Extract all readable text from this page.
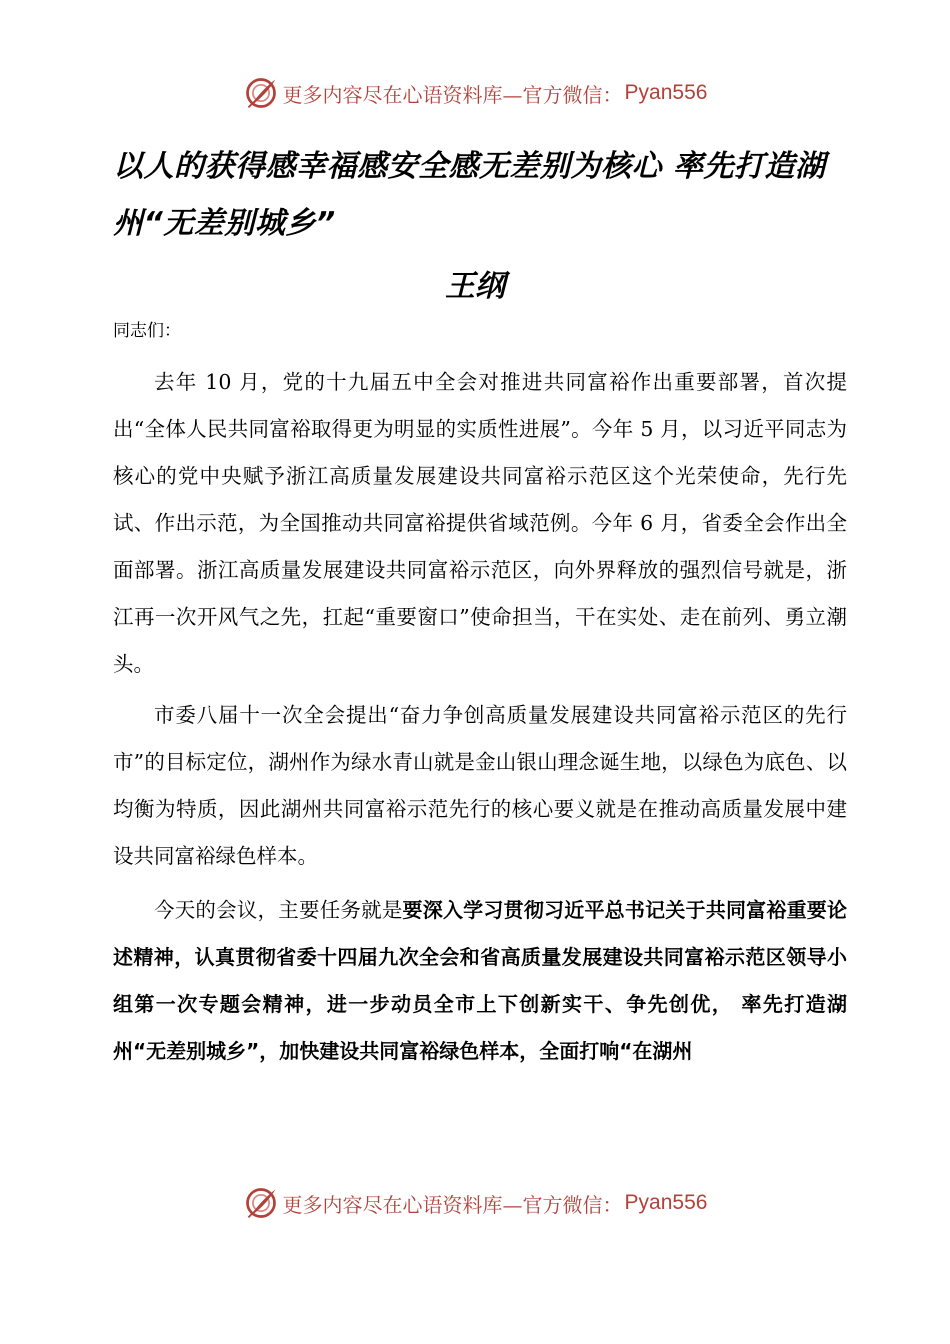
更多内容尽在心语资料库—官方微信： Pyan556
以人的获得感幸福感安全感无差别为核心 率先打造湖州“无差别城乡”

王纲

同志们：

去年 10 月，党的十九届五中全会对推进共同富裕作出重要部署，首次提出“全体人民共同富裕取得更为明显的实质性进展”。今年 5 月，以习近平同志为核心的党中央赋予浙江高质量发展建设共同富裕示范区这个光荣使命，先行先试、作出示范，为全国推动共同富裕提供省域范例。今年 6 月，省委全会作出全面部署。浙江高质量发展建设共同富裕示范区，向外界释放的强烈信号就是，浙江再一次开风气之先，扛起“重要窗口”使命担当，干在实处、走在前列、勇立潮头。

市委八届十一次全会提出“奋力争创高质量发展建设共同富裕示范区的先行市”的目标定位，湖州作为绿水青山就是金山银山理念诞生地，以绿色为底色、以均衡为特质，因此湖州共同富裕示范先行的核心要义就是在推动高质量发展中建设共同富裕绿色样本。

今天的会议，主要任务就是要深入学习贯彻习近平总书记关于共同富裕重要论述精神，认真贯彻省委十四届九次全会和省高质量发展建设共同富裕示范区领导小组第一次专题会精神，进一步动员全市上下创新实干、争先创优， 率先打造湖州“无差别城乡”，加快建设共同富裕绿色样本，全面打响“在湖州

更多内容尽在心语资料库—官方微信： Pyan556
